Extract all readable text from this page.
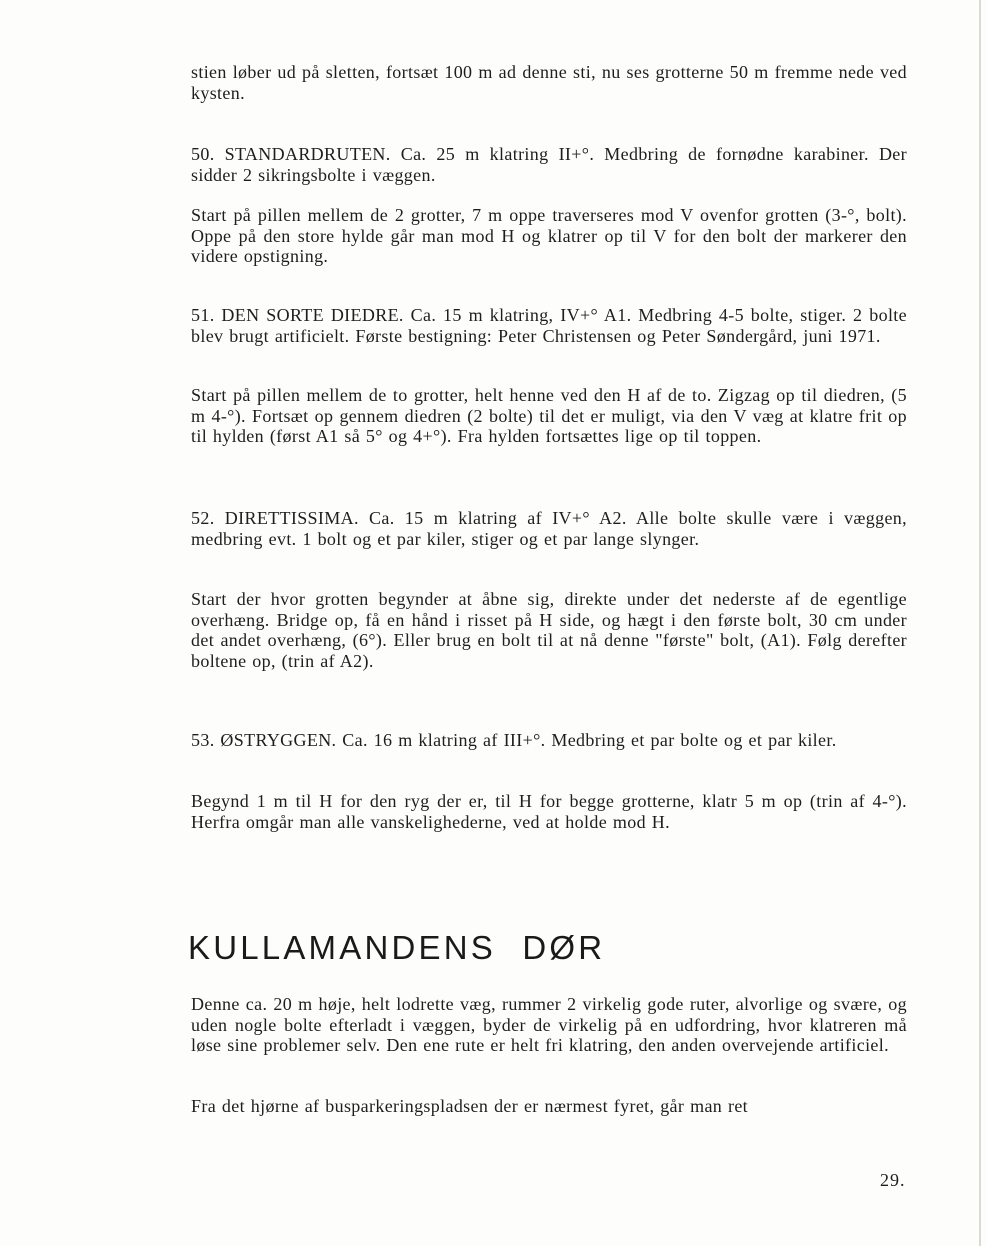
stien løber ud på sletten, fortsæt 100 m ad denne sti, nu ses grotterne 50 m fremme nede ved kysten.
50. STANDARDRUTEN. Ca. 25 m klatring II+°. Medbring de fornødne karabiner. Der sidder 2 sikringsbolte i væggen.
Start på pillen mellem de 2 grotter, 7 m oppe traverseres mod V ovenfor grotten (3-°, bolt). Oppe på den store hylde går man mod H og klatrer op til V for den bolt der markerer den videre opstigning.
51. DEN SORTE DIEDRE. Ca. 15 m klatring, IV+° A1. Medbring 4-5 bolte, stiger. 2 bolte blev brugt artificielt. Første bestigning: Peter Christensen og Peter Søndergård, juni 1971.
Start på pillen mellem de to grotter, helt henne ved den H af de to. Zigzag op til diedren, (5 m 4-°). Fortsæt op gennem diedren (2 bolte) til det er muligt, via den V væg at klatre frit op til hylden (først A1 så 5° og 4+°). Fra hylden fortsættes lige op til toppen.
52. DIRETTISSIMA. Ca. 15 m klatring af IV+° A2. Alle bolte skulle være i væggen, medbring evt. 1 bolt og et par kiler, stiger og et par lange slynger.
Start der hvor grotten begynder at åbne sig, direkte under det nederste af de egentlige overhæng. Bridge op, få en hånd i risset på H side, og hægt i den første bolt, 30 cm under det andet overhæng, (6°). Eller brug en bolt til at nå denne "første" bolt, (A1). Følg derefter boltene op, (trin af A2).
53. ØSTRYGGEN. Ca. 16 m klatring af III+°. Medbring et par bolte og et par kiler.
Begynd 1 m til H for den ryg der er, til H for begge grotterne, klatr 5 m op (trin af 4-°). Herfra omgår man alle vanskelighederne, ved at holde mod H.
KULLAMANDENS DØR
Denne ca. 20 m høje, helt lodrette væg, rummer 2 virkelig gode ruter, alvorlige og svære, og uden nogle bolte efterladt i væggen, byder de virkelig på en udfordring, hvor klatreren må løse sine problemer selv. Den ene rute er helt fri klatring, den anden overvejende artificiel.
Fra det hjørne af busparkeringspladsen der er nærmest fyret, går man ret
29.
